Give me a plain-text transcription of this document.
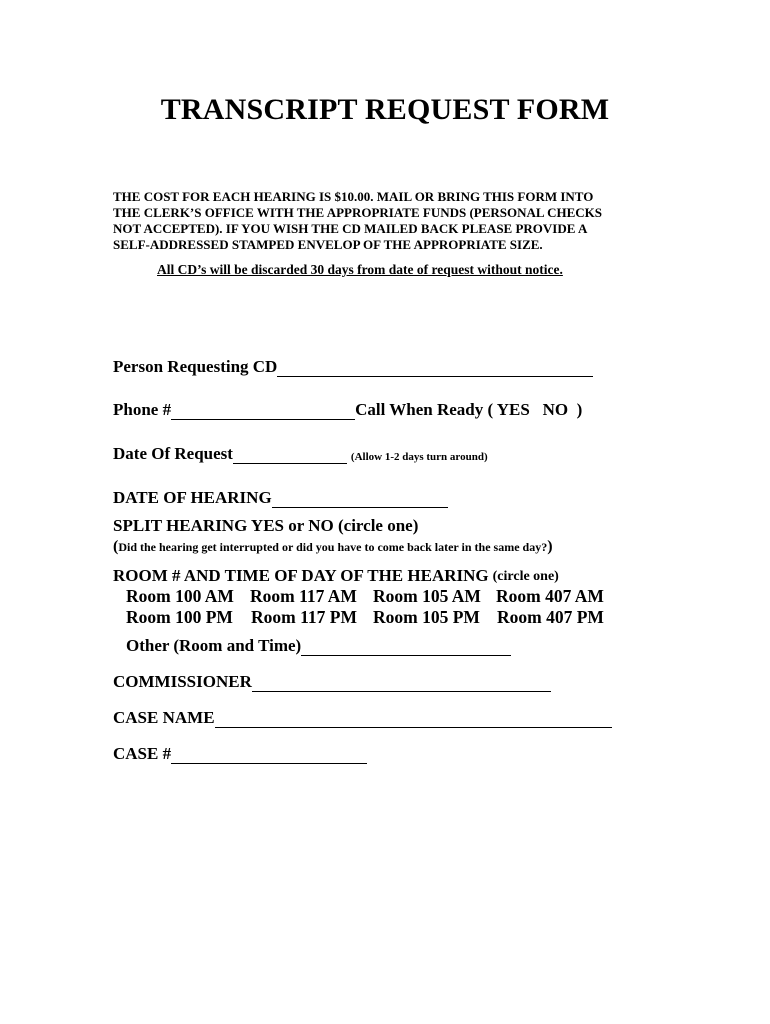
TRANSCRIPT REQUEST FORM
THE COST FOR EACH HEARING IS $10.00. MAIL OR BRING THIS FORM INTO
THE CLERK’S OFFICE WITH THE APPROPRIATE FUNDS (PERSONAL CHECKS
NOT ACCEPTED). IF YOU WISH THE CD MAILED BACK PLEASE PROVIDE A
SELF-ADDRESSED STAMPED ENVELOP OF THE APPROPRIATE SIZE.
All CD’s will be discarded 30 days from date of request without notice.
Person Requesting CD
Phone #	Call When Ready ( YES   NO  )
Date Of Request	(Allow 1-2 days turn around)
DATE OF HEARING
SPLIT HEARING YES or NO (circle one)
(Did the hearing get interrupted or did you have to come back later in the same day?)
ROOM # AND TIME OF DAY OF THE HEARING (circle one)
Room 100 AM Room 117 AM Room 105 AM Room 407 AM
Room 100 PM Room 117 PM Room 105 PM Room 407 PM
Other (Room and Time)
COMMISSIONER
CASE NAME
CASE #
